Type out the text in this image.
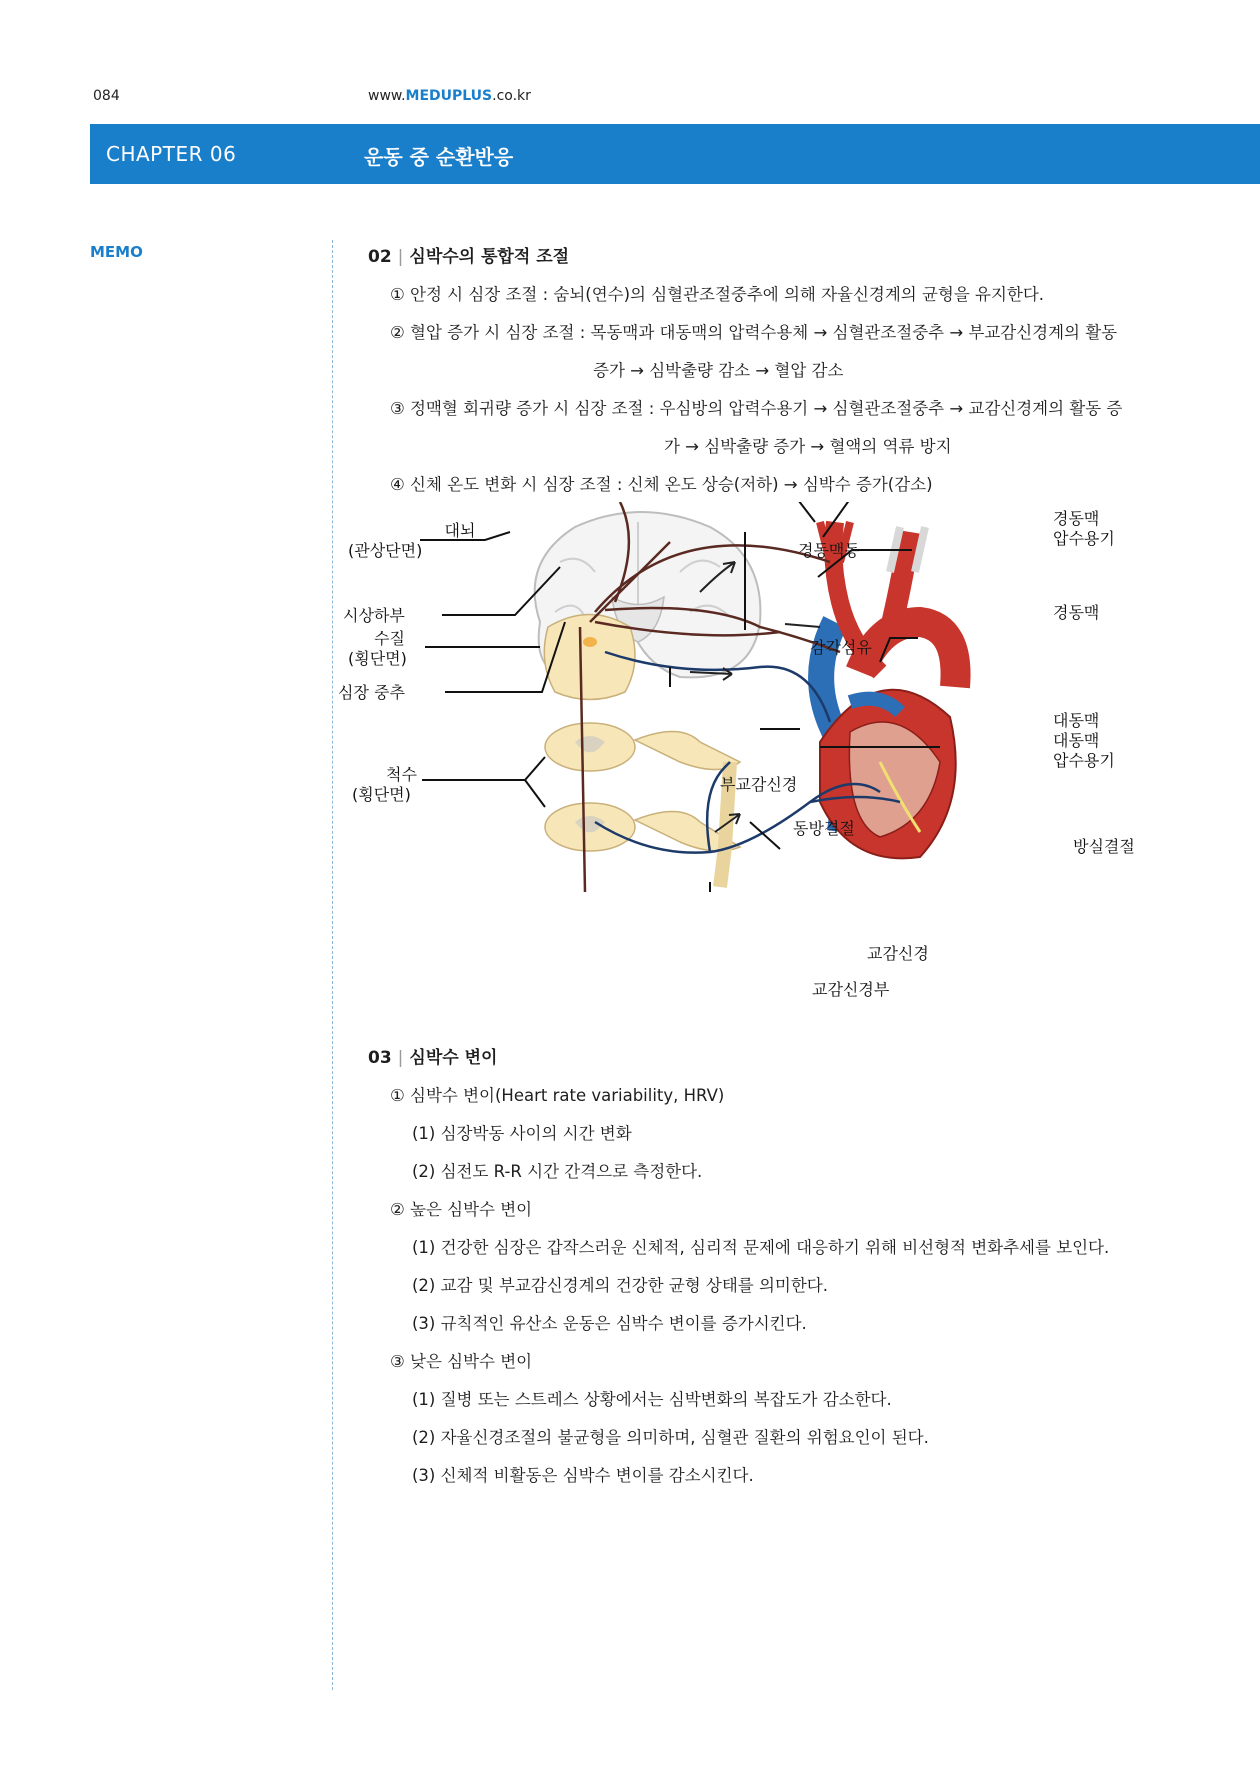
084	www.MEDUPLUS.co.kr
CHAPTER 06	운동 중 순환반응
MEMO	02 | 심박수의 통합적 조절
① 안정 시 심장 조절 : 숨뇌(연수)의 심혈관조절중추에 의해 자율신경계의 균형을 유지한다.
② 혈압 증가 시 심장 조절 : 목동맥과 대동맥의 압력수용체 → 심혈관조절중추 → 부교감신경계의 활동
증가 → 심박출량 감소 → 혈압 감소
③ 정맥혈 회귀량 증가 시 심장 조절 : 우심방의 압력수용기 → 심혈관조절중추 → 교감신경계의 활동 증
가 → 심박출량 증가 → 혈액의 역류 방지
④ 신체 온도 변화 시 심장 조절 : 신체 온도 상승(저하) → 심박수 증가(감소)
대뇌
(관상단면)
시상하부
수질
(횡단면)
심장 중추
척수
(횡단면)
경동맥동
경동맥
압수용기
경동맥
감각섬유
대동맥
대동맥
압수용기
부교감신경
동방결절
방실결절
교감신경
교감신경부
03 | 심박수 변이
① 심박수 변이(Heart rate variability, HRV)
(1) 심장박동 사이의 시간 변화
(2) 심전도 R-R 시간 간격으로 측정한다.
② 높은 심박수 변이
(1) 건강한 심장은 갑작스러운 신체적, 심리적 문제에 대응하기 위해 비선형적 변화추세를 보인다.
(2) 교감 및 부교감신경계의 건강한 균형 상태를 의미한다.
(3) 규칙적인 유산소 운동은 심박수 변이를 증가시킨다.
③ 낮은 심박수 변이
(1) 질병 또는 스트레스 상황에서는 심박변화의 복잡도가 감소한다.
(2) 자율신경조절의 불균형을 의미하며, 심혈관 질환의 위험요인이 된다.
(3) 신체적 비활동은 심박수 변이를 감소시킨다.
